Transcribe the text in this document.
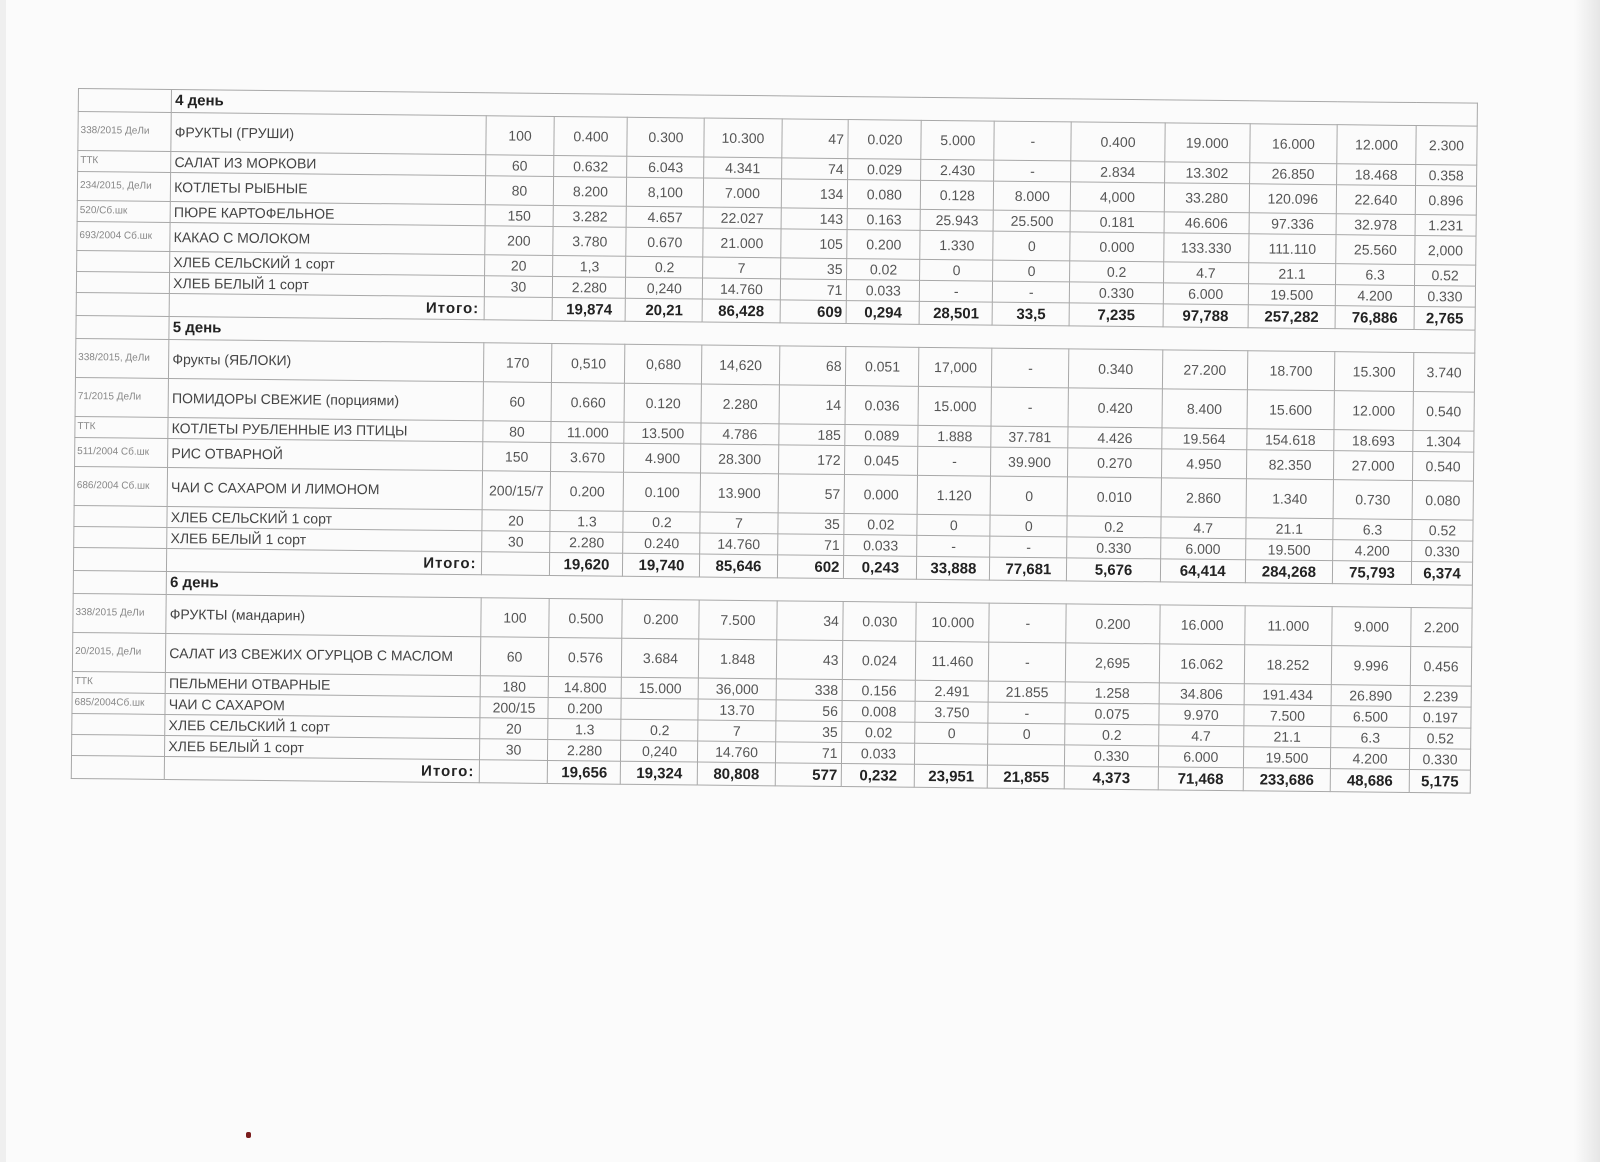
	4 день													
338/2015 ДеЛи	ФРУКТЫ (ГРУШИ)	100	0.400	0.300	10.300	47	0.020	5.000	-	0.400	19.000	16.000	12.000	2.300
ТТК	САЛАТ ИЗ МОРКОВИ	60	0.632	6.043	4.341	74	0.029	2.430	-	2.834	13.302	26.850	18.468	0.358
234/2015, ДеЛи	КОТЛЕТЫ РЫБНЫЕ	80	8.200	8,100	7.000	134	0.080	0.128	8.000	4,000	33.280	120.096	22.640	0.896
520/Сб.шк	ПЮРЕ КАРТОФЕЛЬНОЕ	150	3.282	4.657	22.027	143	0.163	25.943	25.500	0.181	46.606	97.336	32.978	1.231
693/2004 Сб.шк	КАКАО С МОЛОКОМ	200	3.780	0.670	21.000	105	0.200	1.330	0	0.000	133.330	111.110	25.560	2,000
	ХЛЕБ СЕЛЬСКИЙ 1 сорт	20	1,3	0.2	7	35	0.02	0	0	0.2	4.7	21.1	6.3	0.52
	ХЛЕБ БЕЛЫЙ 1 сорт	30	2.280	0,240	14.760	71	0.033	-	-	0.330	6.000	19.500	4.200	0.330
	Итого:		19,874	20,21	86,428	609	0,294	28,501	33,5	7,235	97,788	257,282	76,886	2,765
	5 день													
338/2015, ДеЛи	Фрукты (ЯБЛОКИ)	170	0,510	0,680	14,620	68	0.051	17,000	-	0.340	27.200	18.700	15.300	3.740
71/2015 ДеЛи	ПОМИДОРЫ СВЕЖИЕ (порциями)	60	0.660	0.120	2.280	14	0.036	15.000	-	0.420	8.400	15.600	12.000	0.540
ТТК	КОТЛЕТЫ РУБЛЕННЫЕ ИЗ ПТИЦЫ	80	11.000	13.500	4.786	185	0.089	1.888	37.781	4.426	19.564	154.618	18.693	1.304
511/2004 Сб.шк	РИС ОТВАРНОЙ	150	3.670	4.900	28.300	172	0.045	-	39.900	0.270	4.950	82.350	27.000	0.540
686/2004 Сб.шк	ЧАИ С САХАРОМ И ЛИМОНОМ	200/15/7	0.200	0.100	13.900	57	0.000	1.120	0	0.010	2.860	1.340	0.730	0.080
	ХЛЕБ СЕЛЬСКИЙ 1 сорт	20	1.3	0.2	7	35	0.02	0	0	0.2	4.7	21.1	6.3	0.52
	ХЛЕБ БЕЛЫЙ 1 сорт	30	2.280	0.240	14.760	71	0.033	-	-	0.330	6.000	19.500	4.200	0.330
	Итого:		19,620	19,740	85,646	602	0,243	33,888	77,681	5,676	64,414	284,268	75,793	6,374
	6 день													
338/2015 ДеЛи	ФРУКТЫ (мандарин)	100	0.500	0.200	7.500	34	0.030	10.000	-	0.200	16.000	11.000	9.000	2.200
20/2015, ДеЛи	САЛАТ ИЗ СВЕЖИХ ОГУРЦОВ С МАСЛОМ	60	0.576	3.684	1.848	43	0.024	11.460	-	2,695	16.062	18.252	9.996	0.456
ТТК	ПЕЛЬМЕНИ ОТВАРНЫЕ	180	14.800	15.000	36,000	338	0.156	2.491	21.855	1.258	34.806	191.434	26.890	2.239
685/2004Сб.шк	ЧАИ С САХАРОМ	200/15	0.200		13.70	56	0.008	3.750	-	0.075	9.970	7.500	6.500	0.197
	ХЛЕБ СЕЛЬСКИЙ 1 сорт	20	1.3	0.2	7	35	0.02	0	0	0.2	4.7	21.1	6.3	0.52
	ХЛЕБ БЕЛЫЙ 1 сорт	30	2.280	0,240	14.760	71	0.033			0.330	6.000	19.500	4.200	0.330
	Итого:		19,656	19,324	80,808	577	0,232	23,951	21,855	4,373	71,468	233,686	48,686	5,175
